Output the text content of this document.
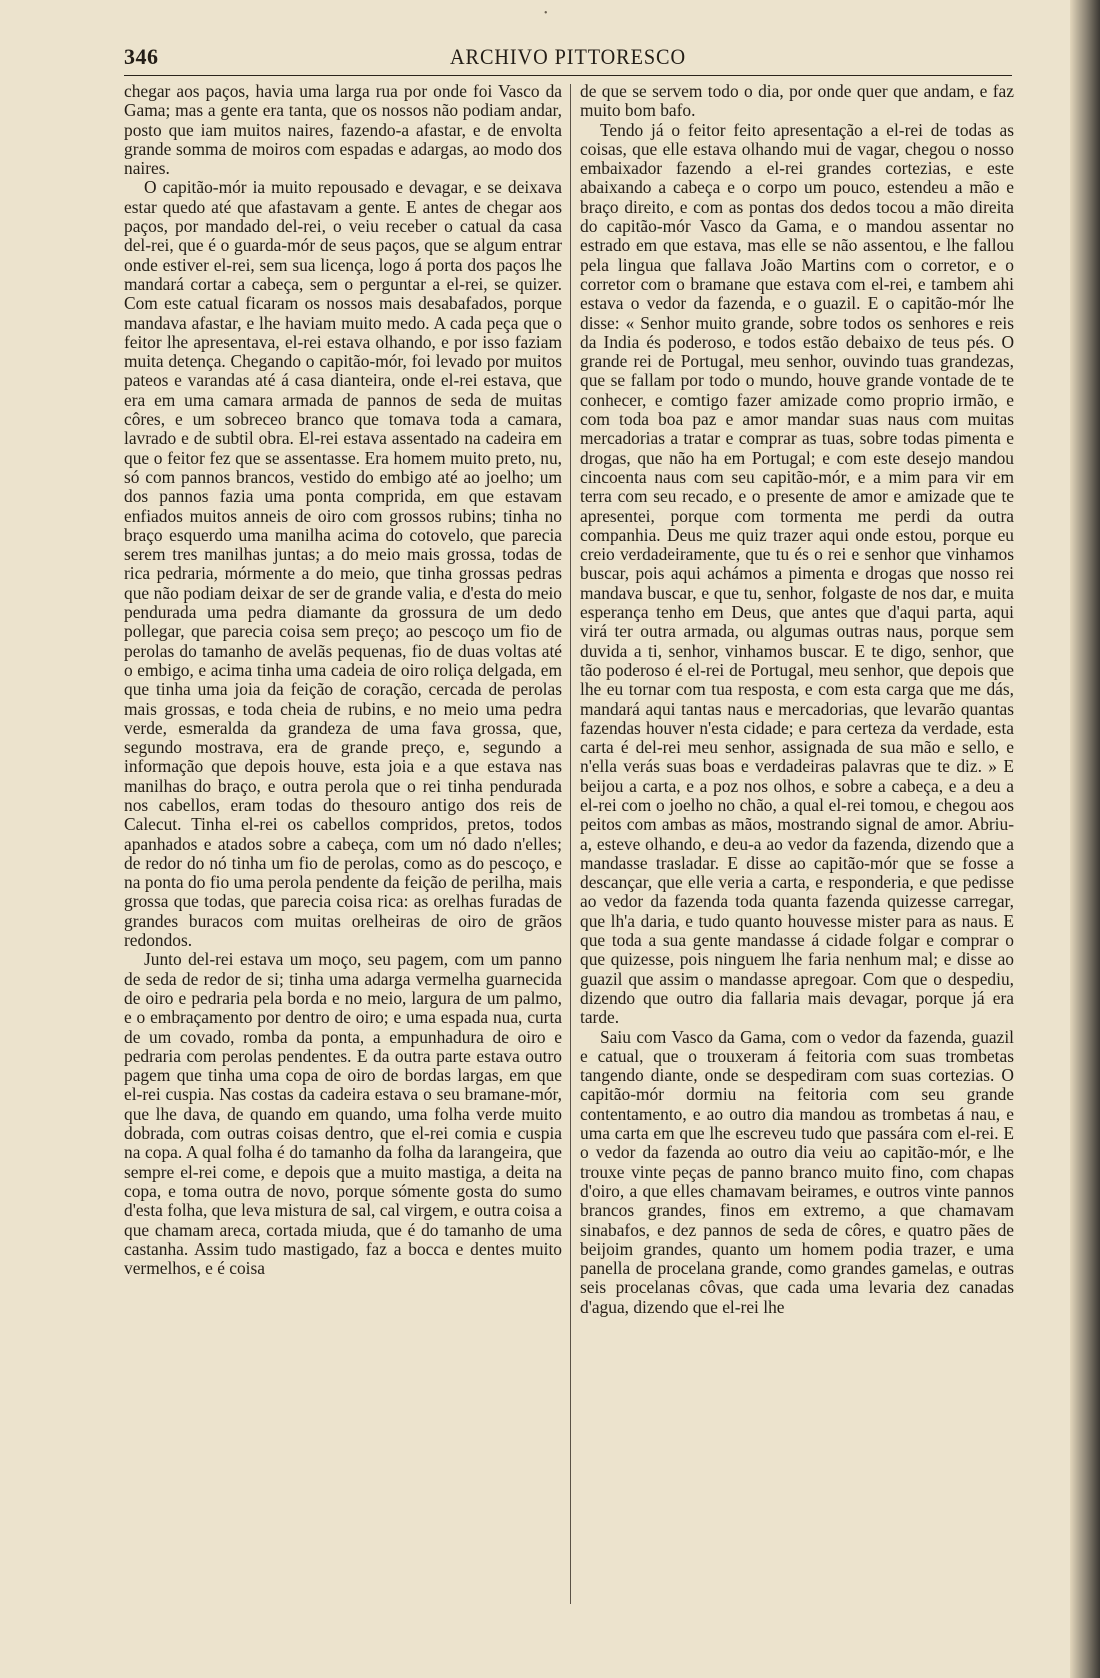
346	ARCHIVO PITTORESCO
•

chegar aos paços, havia uma larga rua por onde foi Vasco da Gama; mas a gente era tanta, que os nossos não podiam andar, posto que iam muitos naires, fazendo-a afastar, e de envolta grande somma de moiros com espadas e adargas, ao modo dos naires.

O capitão-mór ia muito repousado e devagar, e se deixava estar quedo até que afastavam a gente. E antes de chegar aos paços, por mandado del-rei, o veiu receber o catual da casa del-rei, que é o guarda-mór de seus paços, que se algum entrar onde estiver el-rei, sem sua licença, logo á porta dos paços lhe mandará cortar a cabeça, sem o perguntar a el-rei, se quizer. Com este catual ficaram os nossos mais desabafados, porque mandava afastar, e lhe haviam muito medo. A cada peça que o feitor lhe apresentava, el-rei estava olhando, e por isso faziam muita detença. Chegando o capitão-mór, foi levado por muitos pateos e varandas até á casa dianteira, onde el-rei estava, que era em uma camara armada de pannos de seda de muitas côres, e um sobreceo branco que tomava toda a camara, lavrado e de subtil obra. El-rei estava assentado na cadeira em que o feitor fez que se assentasse. Era homem muito preto, nu, só com pannos brancos, vestido do embigo até ao joelho; um dos pannos fazia uma ponta comprida, em que estavam enfiados muitos anneis de oiro com grossos rubins; tinha no braço esquerdo uma manilha acima do cotovelo, que parecia serem tres manilhas juntas; a do meio mais grossa, todas de rica pedraria, mórmente a do meio, que tinha grossas pedras que não podiam deixar de ser de grande valia, e d'esta do meio pendurada uma pedra diamante da grossura de um dedo pollegar, que parecia coisa sem preço; ao pescoço um fio de perolas do tamanho de avelãs pequenas, fio de duas voltas até o embigo, e acima tinha uma cadeia de oiro roliça delgada, em que tinha uma joia da feição de coração, cercada de perolas mais grossas, e toda cheia de rubins, e no meio uma pedra verde, esmeralda da grandeza de uma fava grossa, que, segundo mostrava, era de grande preço, e, segundo a informação que depois houve, esta joia e a que estava nas manilhas do braço, e outra perola que o rei tinha pendurada nos cabellos, eram todas do thesouro antigo dos reis de Calecut. Tinha el-rei os cabellos compridos, pretos, todos apanhados e atados sobre a cabeça, com um nó dado n'elles; de redor do nó tinha um fio de perolas, como as do pescoço, e na ponta do fio uma perola pendente da feição de perilha, mais grossa que todas, que parecia coisa rica: as orelhas furadas de grandes buracos com muitas orelheiras de oiro de grãos redondos.

Junto del-rei estava um moço, seu pagem, com um panno de seda de redor de si; tinha uma adarga vermelha guarnecida de oiro e pedraria pela borda e no meio, largura de um palmo, e o embraçamento por dentro de oiro; e uma espada nua, curta de um covado, romba da ponta, a empunhadura de oiro e pedraria com perolas pendentes. E da outra parte estava outro pagem que tinha uma copa de oiro de bordas largas, em que el-rei cuspia. Nas costas da cadeira estava o seu bramane-mór, que lhe dava, de quando em quando, uma folha verde muito dobrada, com outras coisas dentro, que el-rei comia e cuspia na copa. A qual folha é do tamanho da folha da larangeira, que sempre el-rei come, e depois que a muito mastiga, a deita na copa, e toma outra de novo, porque sómente gosta do sumo d'esta folha, que leva mistura de sal, cal virgem, e outra coisa a que chamam areca, cortada miuda, que é do tamanho de uma castanha. Assim tudo mastigado, faz a bocca e dentes muito vermelhos, e é coisa

de que se servem todo o dia, por onde quer que andam, e faz muito bom bafo.

Tendo já o feitor feito apresentação a el-rei de todas as coisas, que elle estava olhando mui de vagar, chegou o nosso embaixador fazendo a el-rei grandes cortezias, e este abaixando a cabeça e o corpo um pouco, estendeu a mão e braço direito, e com as pontas dos dedos tocou a mão direita do capitão-mór Vasco da Gama, e o mandou assentar no estrado em que estava, mas elle se não assentou, e lhe fallou pela lingua que fallava João Martins com o corretor, e o corretor com o bramane que estava com el-rei, e tambem ahi estava o vedor da fazenda, e o guazil. E o capitão-mór lhe disse: « Senhor muito grande, sobre todos os senhores e reis da India és poderoso, e todos estão debaixo de teus pés. O grande rei de Portugal, meu senhor, ouvindo tuas grandezas, que se fallam por todo o mundo, houve grande vontade de te conhecer, e comtigo fazer amizade como proprio irmão, e com toda boa paz e amor mandar suas naus com muitas mercadorias a tratar e comprar as tuas, sobre todas pimenta e drogas, que não ha em Portugal; e com este desejo mandou cincoenta naus com seu capitão-mór, e a mim para vir em terra com seu recado, e o presente de amor e amizade que te apresentei, porque com tormenta me perdi da outra companhia. Deus me quiz trazer aqui onde estou, porque eu creio verdadeiramente, que tu és o rei e senhor que vinhamos buscar, pois aqui achámos a pimenta e drogas que nosso rei mandava buscar, e que tu, senhor, folgaste de nos dar, e muita esperança tenho em Deus, que antes que d'aqui parta, aqui virá ter outra armada, ou algumas outras naus, porque sem duvida a ti, senhor, vinhamos buscar. E te digo, senhor, que tão poderoso é el-rei de Portugal, meu senhor, que depois que lhe eu tornar com tua resposta, e com esta carga que me dás, mandará aqui tantas naus e mercadorias, que levarão quantas fazendas houver n'esta cidade; e para certeza da verdade, esta carta é del-rei meu senhor, assignada de sua mão e sello, e n'ella verás suas boas e verdadeiras palavras que te diz. » E beijou a carta, e a poz nos olhos, e sobre a cabeça, e a deu a el-rei com o joelho no chão, a qual el-rei tomou, e chegou aos peitos com ambas as mãos, mostrando signal de amor. Abriu-a, esteve olhando, e deu-a ao vedor da fazenda, dizendo que a mandasse trasladar. E disse ao capitão-mór que se fosse a descançar, que elle veria a carta, e responderia, e que pedisse ao vedor da fazenda toda quanta fazenda quizesse carregar, que lh'a daria, e tudo quanto houvesse mister para as naus. E que toda a sua gente mandasse á cidade folgar e comprar o que quizesse, pois ninguem lhe faria nenhum mal; e disse ao guazil que assim o mandasse apregoar. Com que o despediu, dizendo que outro dia fallaria mais devagar, porque já era tarde.

Saiu com Vasco da Gama, com o vedor da fazenda, guazil e catual, que o trouxeram á feitoria com suas trombetas tangendo diante, onde se despediram com suas cortezias. O capitão-mór dormiu na feitoria com seu grande contentamento, e ao outro dia mandou as trombetas á nau, e uma carta em que lhe escreveu tudo que passára com el-rei. E o vedor da fazenda ao outro dia veiu ao capitão-mór, e lhe trouxe vinte peças de panno branco muito fino, com chapas d'oiro, a que elles chamavam beirames, e outros vinte pannos brancos grandes, finos em extremo, a que chamavam sinabafos, e dez pannos de seda de côres, e quatro pães de beijoim grandes, quanto um homem podia trazer, e uma panella de procelana grande, como grandes gamelas, e outras seis procelanas côvas, que cada uma levaria dez canadas d'agua, dizendo que el-rei lhe
